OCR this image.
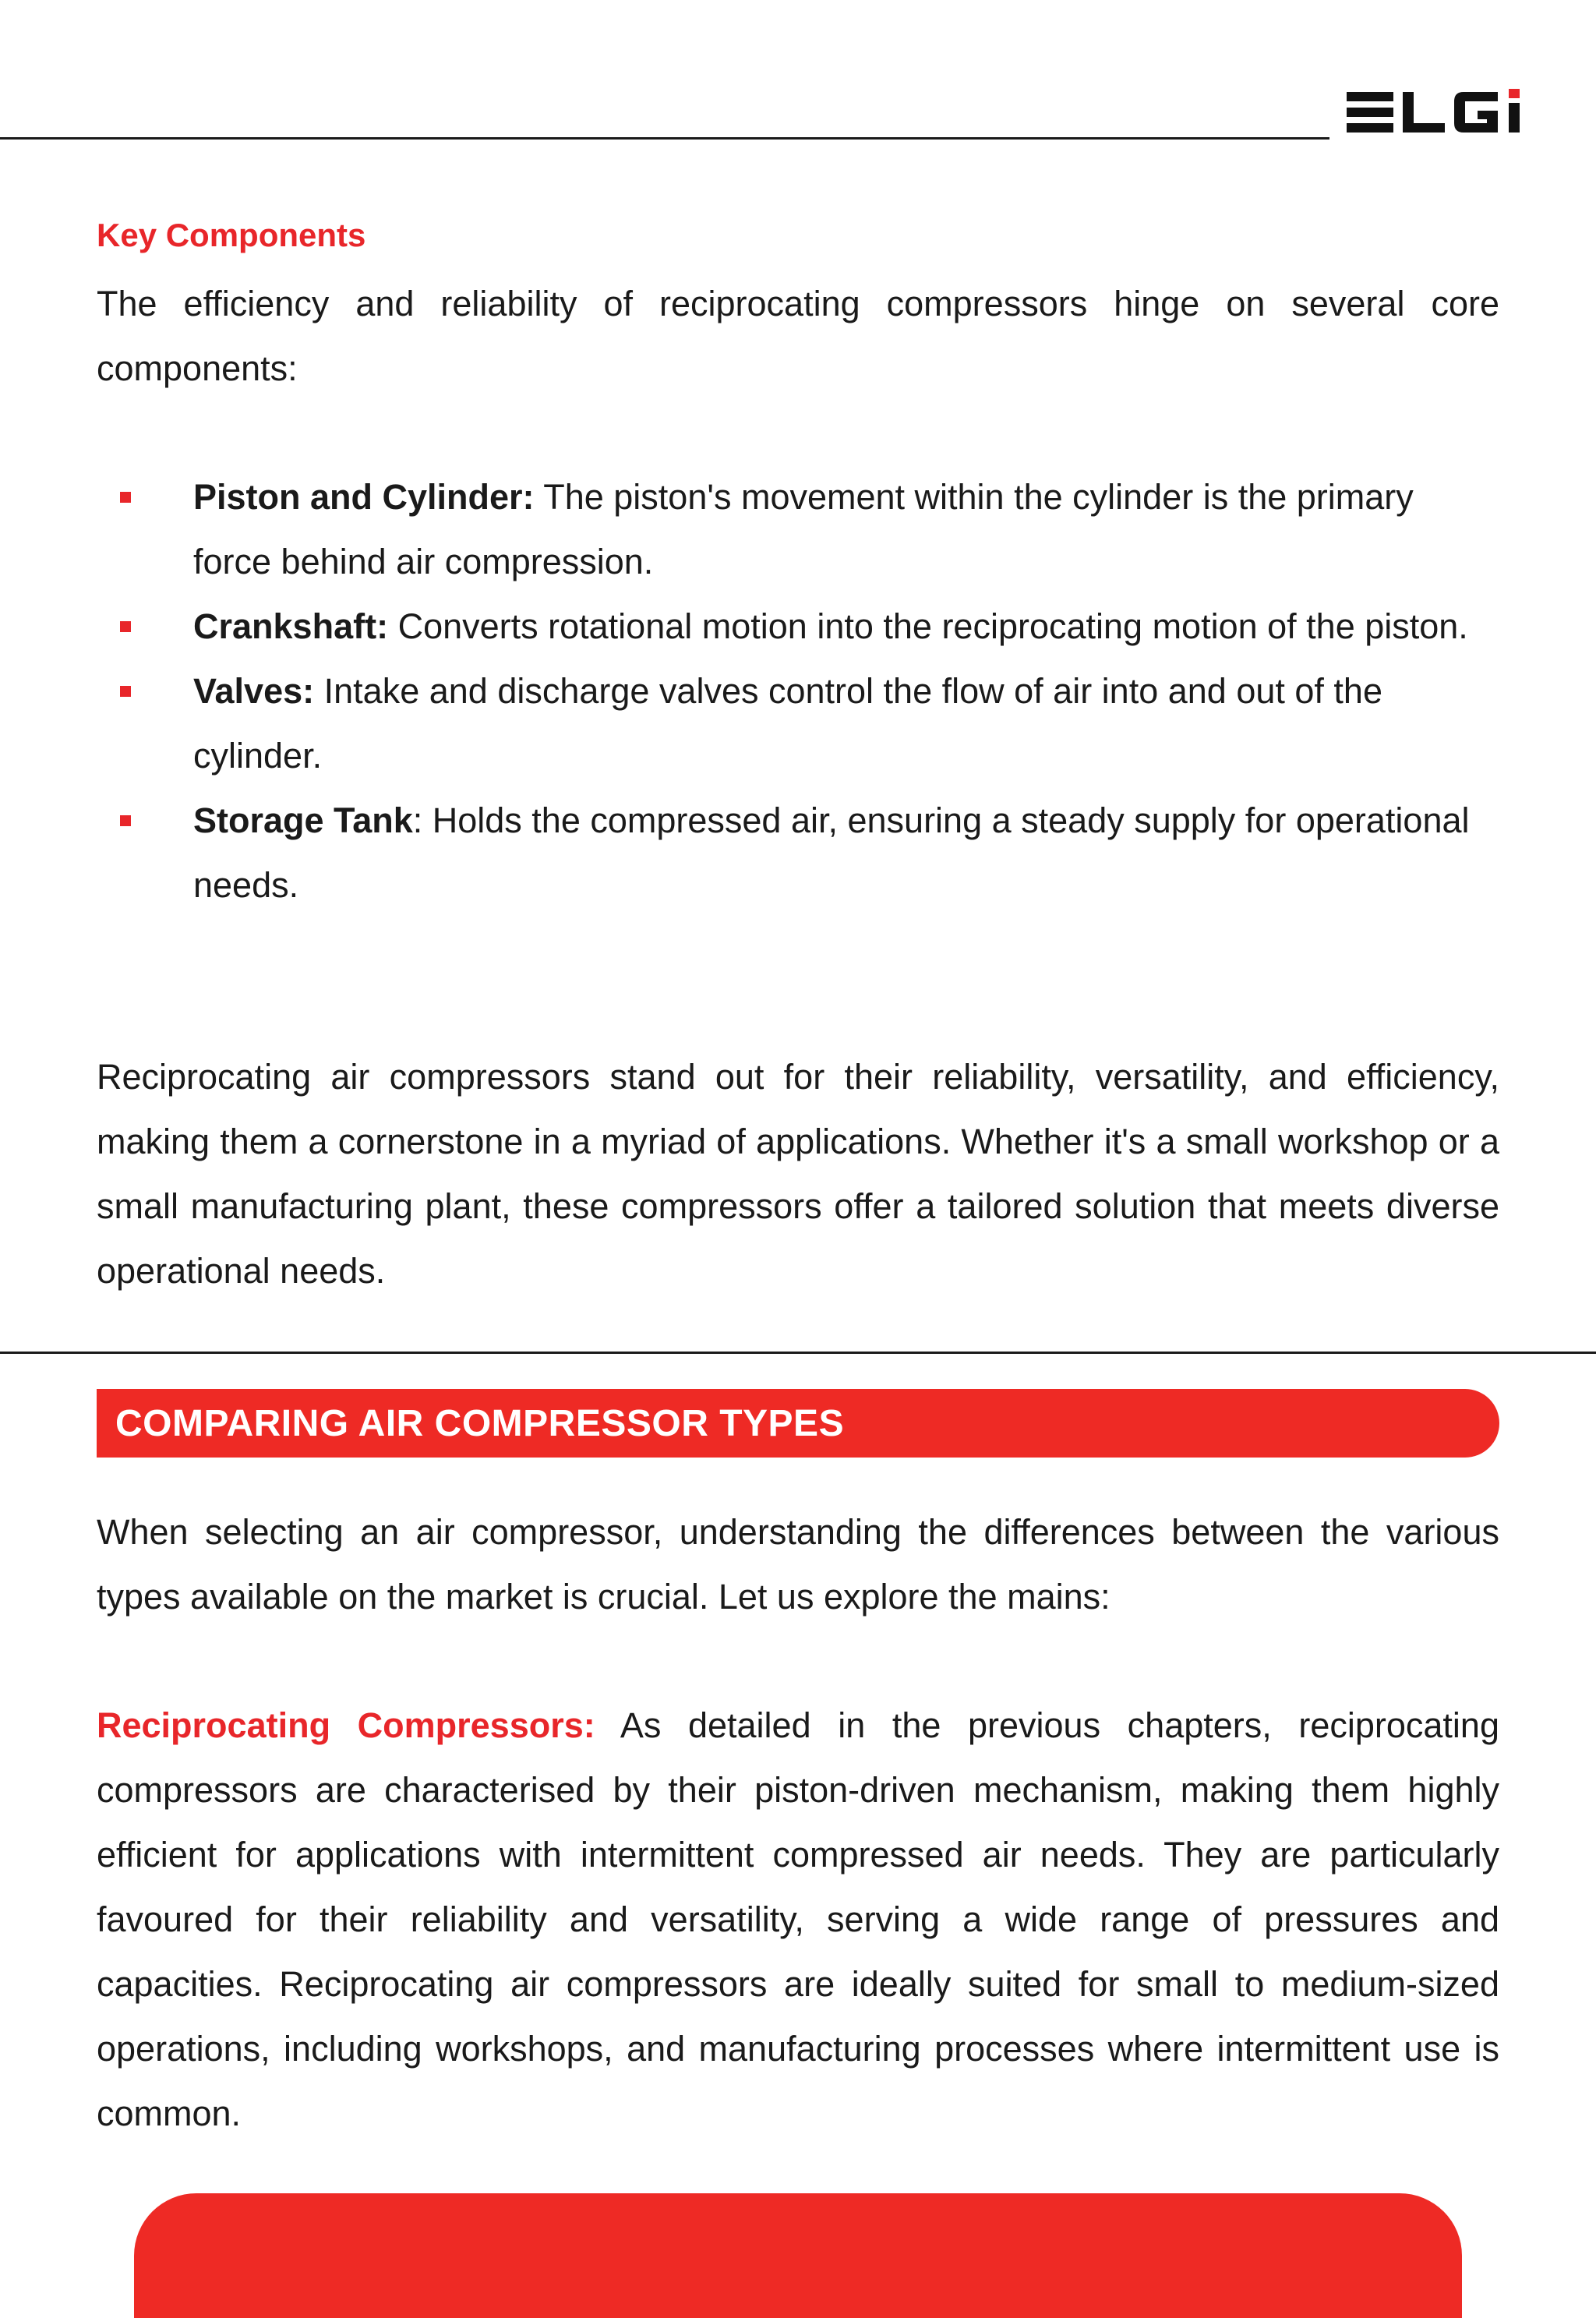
Key Components

The efficiency and reliability of reciprocating compressors hinge on several core components:

Piston and Cylinder: The piston's movement within the cylinder is the primary force behind air compression.
Crankshaft: Converts rotational motion into the reciprocating motion of the piston.
Valves: Intake and discharge valves control the flow of air into and out of the cylinder.
Storage Tank: Holds the compressed air, ensuring a steady supply for operational needs.

Reciprocating air compressors stand out for their reliability, versatility, and efficiency, making them a cornerstone in a myriad of applications. Whether it's a small workshop or a small manufacturing plant, these compressors offer a tailored solution that meets diverse operational needs.

COMPARING AIR COMPRESSOR TYPES

When selecting an air compressor, understanding the differences between the various types available on the market is crucial. Let us explore the mains:

Reciprocating Compressors: As detailed in the previous chapters, reciprocating compressors are characterised by their piston-driven mechanism, making them highly efficient for applications with intermittent compressed air needs. They are particularly favoured for their reliability and versatility, serving a wide range of pressures and capacities. Reciprocating air compressors are ideally suited for small to medium-sized operations, including workshops, and manufacturing processes where intermittent use is common.
